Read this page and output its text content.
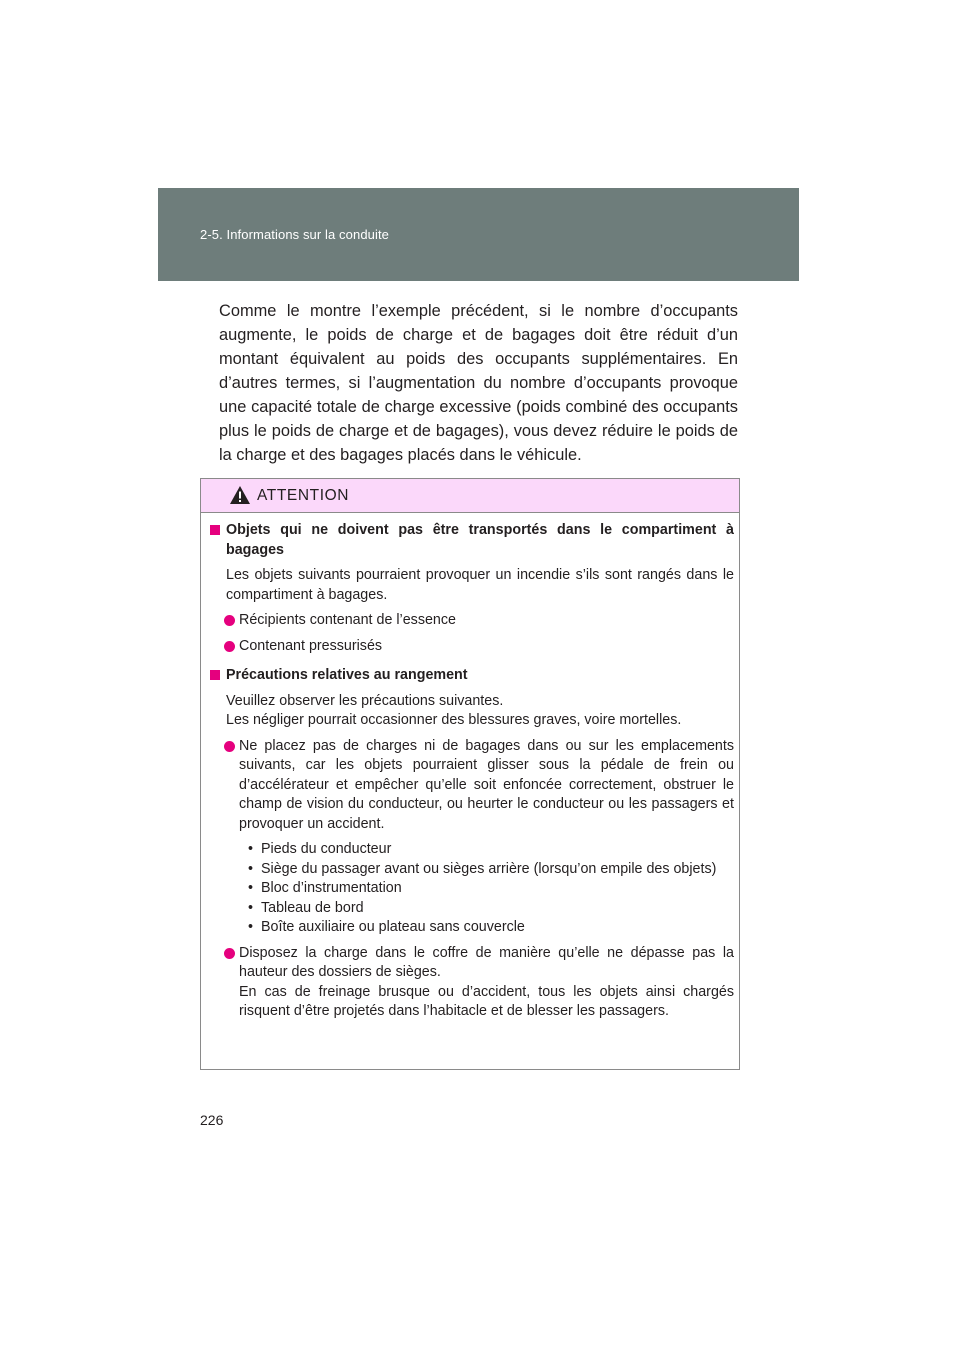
2-5. Informations sur la conduite

Comme le montre l’exemple précédent, si le nombre d’occupants augmente, le poids de charge et de bagages doit être réduit d’un montant équivalent au poids des occupants supplémentaires. En d’autres termes, si l’augmentation du nombre d’occupants provoque une capacité totale de charge excessive (poids combiné des occupants plus le poids de charge et de bagages), vous devez réduire le poids de la charge et des bagages placés dans le véhicule.

ATTENTION

Objets qui ne doivent pas être transportés dans le compartiment à bagages

Les objets suivants pourraient provoquer un incendie s’ils sont rangés dans le compartiment à bagages.

Récipients contenant de l’essence

Contenant pressurisés

Précautions relatives au rangement

Veuillez observer les précautions suivantes.

Les négliger pourrait occasionner des blessures graves, voire mortelles.

Ne placez pas de charges ni de bagages dans ou sur les emplacements suivants, car les objets pourraient glisser sous la pédale de frein ou d’accélérateur et empêcher qu’elle soit enfoncée correctement, obstruer le champ de vision du conducteur, ou heurter le conducteur ou les passagers et provoquer un accident.

• Pieds du conducteur
• Siège du passager avant ou sièges arrière (lorsqu’on empile des objets)
• Bloc d’instrumentation
• Tableau de bord
• Boîte auxiliaire ou plateau sans couvercle

Disposez la charge dans le coffre de manière qu’elle ne dépasse pas la hauteur des dossiers de sièges.
En cas de freinage brusque ou d’accident, tous les objets ainsi chargés risquent d’être projetés dans l’habitacle et de blesser les passagers.

226
